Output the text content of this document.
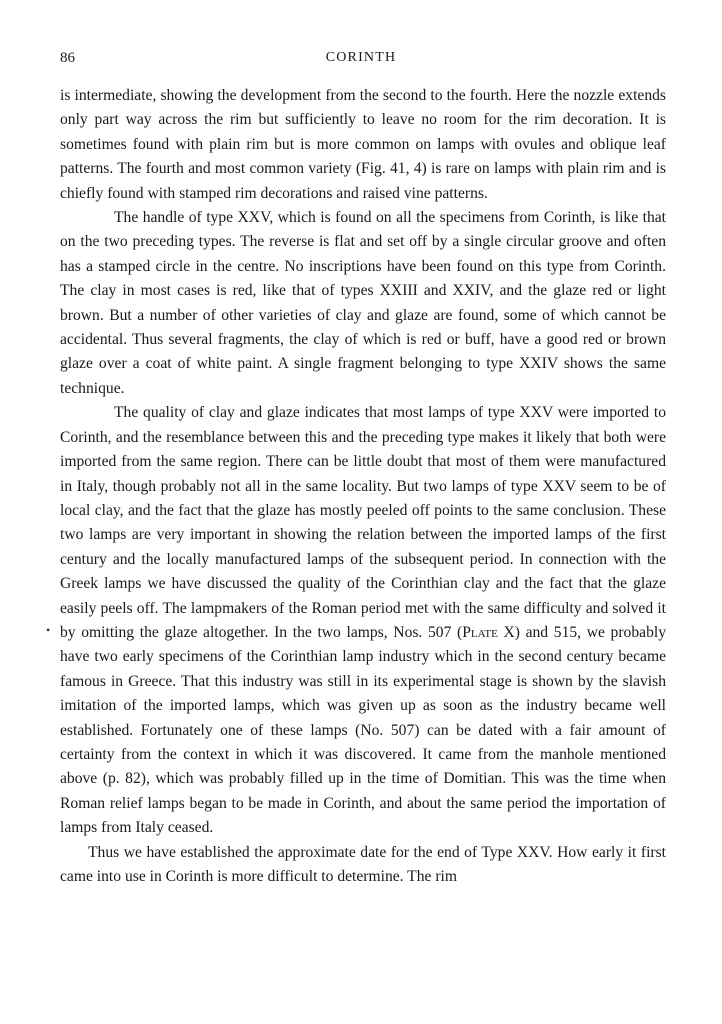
86	CORINTH
•

is intermediate, showing the development from the second to the fourth. Here the nozzle extends only part way across the rim but sufficiently to leave no room for the rim decoration. It is sometimes found with plain rim but is more common on lamps with ovules and oblique leaf patterns. The fourth and most common variety (Fig. 41, 4) is rare on lamps with plain rim and is chiefly found with stamped rim decorations and raised vine patterns.

The handle of type XXV, which is found on all the specimens from Corinth, is like that on the two preceding types. The reverse is flat and set off by a single circular groove and often has a stamped circle in the centre. No inscriptions have been found on this type from Corinth. The clay in most cases is red, like that of types XXIII and XXIV, and the glaze red or light brown. But a number of other varieties of clay and glaze are found, some of which cannot be accidental. Thus several fragments, the clay of which is red or buff, have a good red or brown glaze over a coat of white paint. A single fragment belonging to type XXIV shows the same technique.

The quality of clay and glaze indicates that most lamps of type XXV were imported to Corinth, and the resemblance between this and the preceding type makes it likely that both were imported from the same region. There can be little doubt that most of them were manufactured in Italy, though probably not all in the same locality. But two lamps of type XXV seem to be of local clay, and the fact that the glaze has mostly peeled off points to the same conclusion. These two lamps are very important in showing the relation between the imported lamps of the first century and the locally manufactured lamps of the subsequent period. In connection with the Greek lamps we have discussed the quality of the Corinthian clay and the fact that the glaze easily peels off. The lampmakers of the Roman period met with the same difficulty and solved it by omitting the glaze altogether. In the two lamps, Nos. 507 (Plate X) and 515, we probably have two early specimens of the Corinthian lamp industry which in the second century became famous in Greece. That this industry was still in its experimental stage is shown by the slavish imitation of the imported lamps, which was given up as soon as the industry became well established. Fortunately one of these lamps (No. 507) can be dated with a fair amount of certainty from the context in which it was discovered. It came from the manhole mentioned above (p. 82), which was probably filled up in the time of Domitian. This was the time when Roman relief lamps began to be made in Corinth, and about the same period the importation of lamps from Italy ceased.

Thus we have established the approximate date for the end of Type XXV. How early it first came into use in Corinth is more difficult to determine. The rim
